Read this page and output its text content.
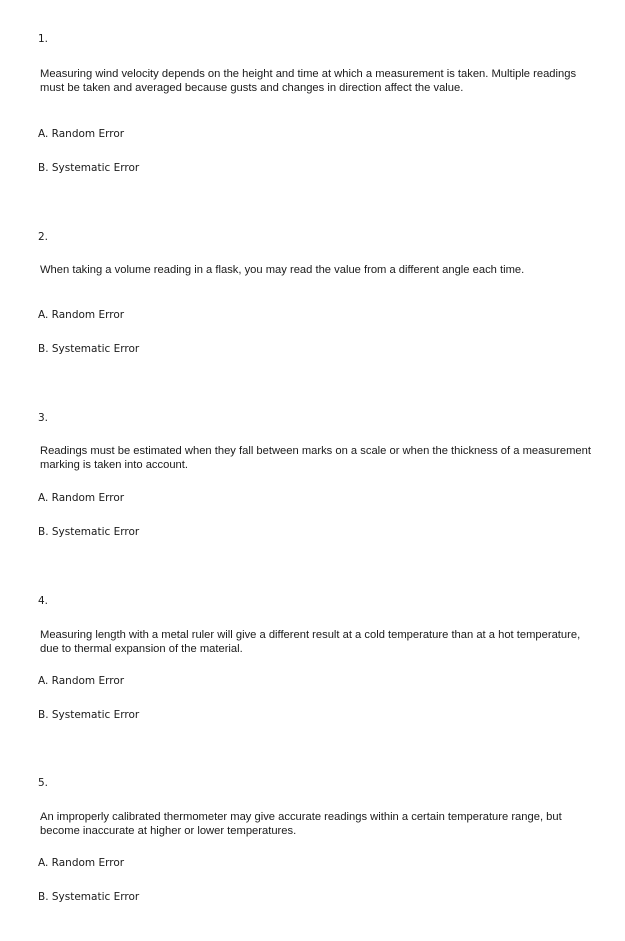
1.
Measuring wind velocity depends on the height and time at which a measurement is taken. Multiple readings must be taken and averaged because gusts and changes in direction affect the value.
A. Random Error
B. Systematic Error
2.
When taking a volume reading in a flask, you may read the value from a different angle each time.
A. Random Error
B. Systematic Error
3.
Readings must be estimated when they fall between marks on a scale or when the thickness of a measurement marking is taken into account.
A. Random Error
B. Systematic Error
4.
Measuring length with a metal ruler will give a different result at a cold temperature than at a hot temperature, due to thermal expansion of the material.
A. Random Error
B. Systematic Error
5.
An improperly calibrated thermometer may give accurate readings within a certain temperature range, but become inaccurate at higher or lower temperatures.
A. Random Error
B. Systematic Error
